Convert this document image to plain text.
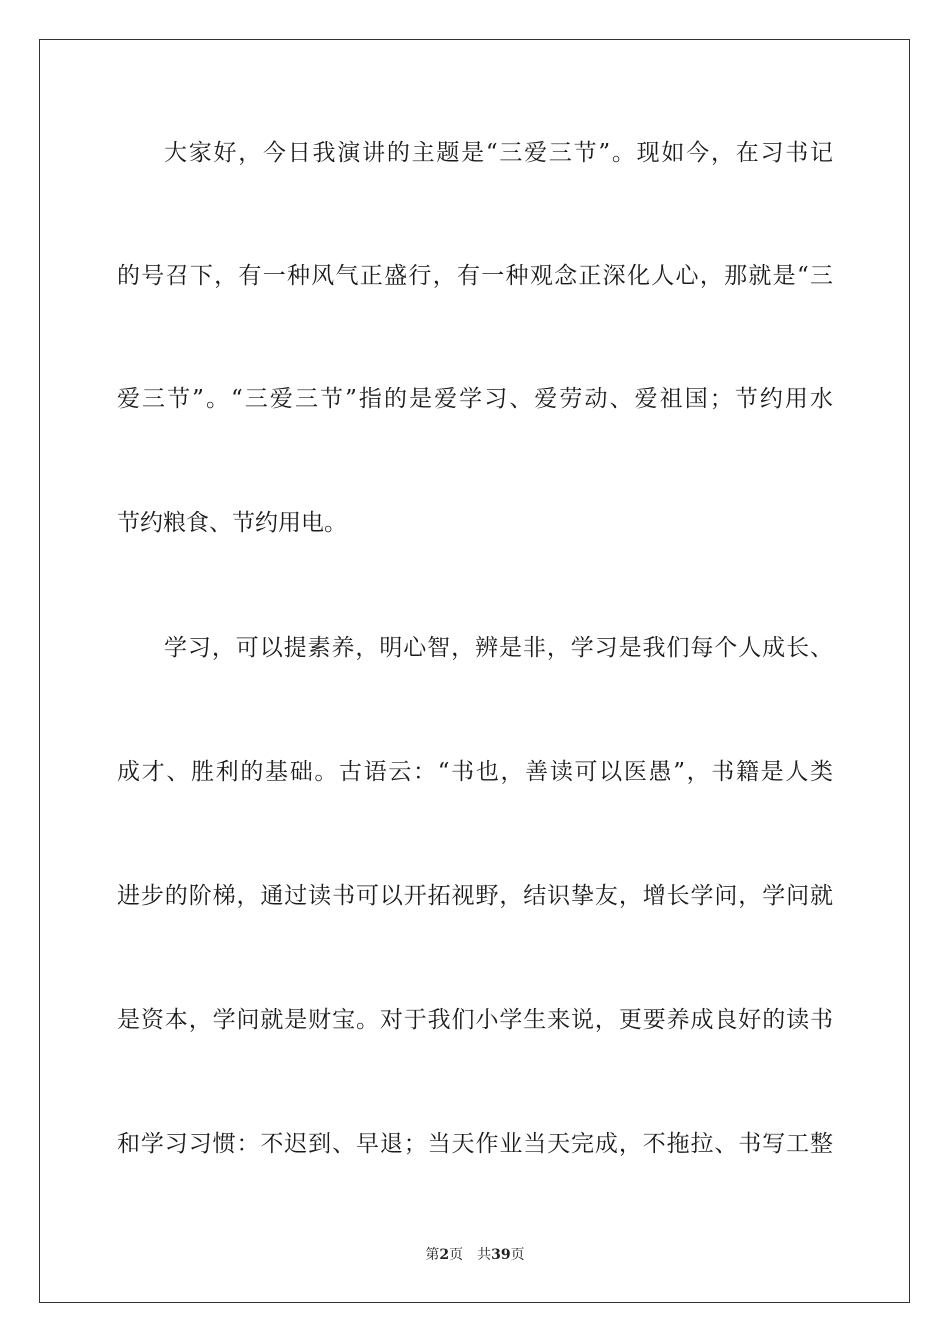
大家好，今日我演讲的主题是“三爱三节”。现如今，在习书记
的号召下，有一种风气正盛行，有一种观念正深化人心，那就是“三
爱三节”。“三爱三节”指的是爱学习、爱劳动、爱祖国；节约用水
节约粮食、节约用电。
学习，可以提素养，明心智，辨是非，学习是我们每个人成长、
成才、胜利的基础。古语云：“书也，善读可以医愚”，书籍是人类
进步的阶梯，通过读书可以开拓视野，结识挚友，增长学问，学问就
是资本，学问就是财宝。对于我们小学生来说，更要养成良好的读书
和学习习惯：不迟到、早退；当天作业当天完成，不拖拉、书写工整
第2页 共39页
